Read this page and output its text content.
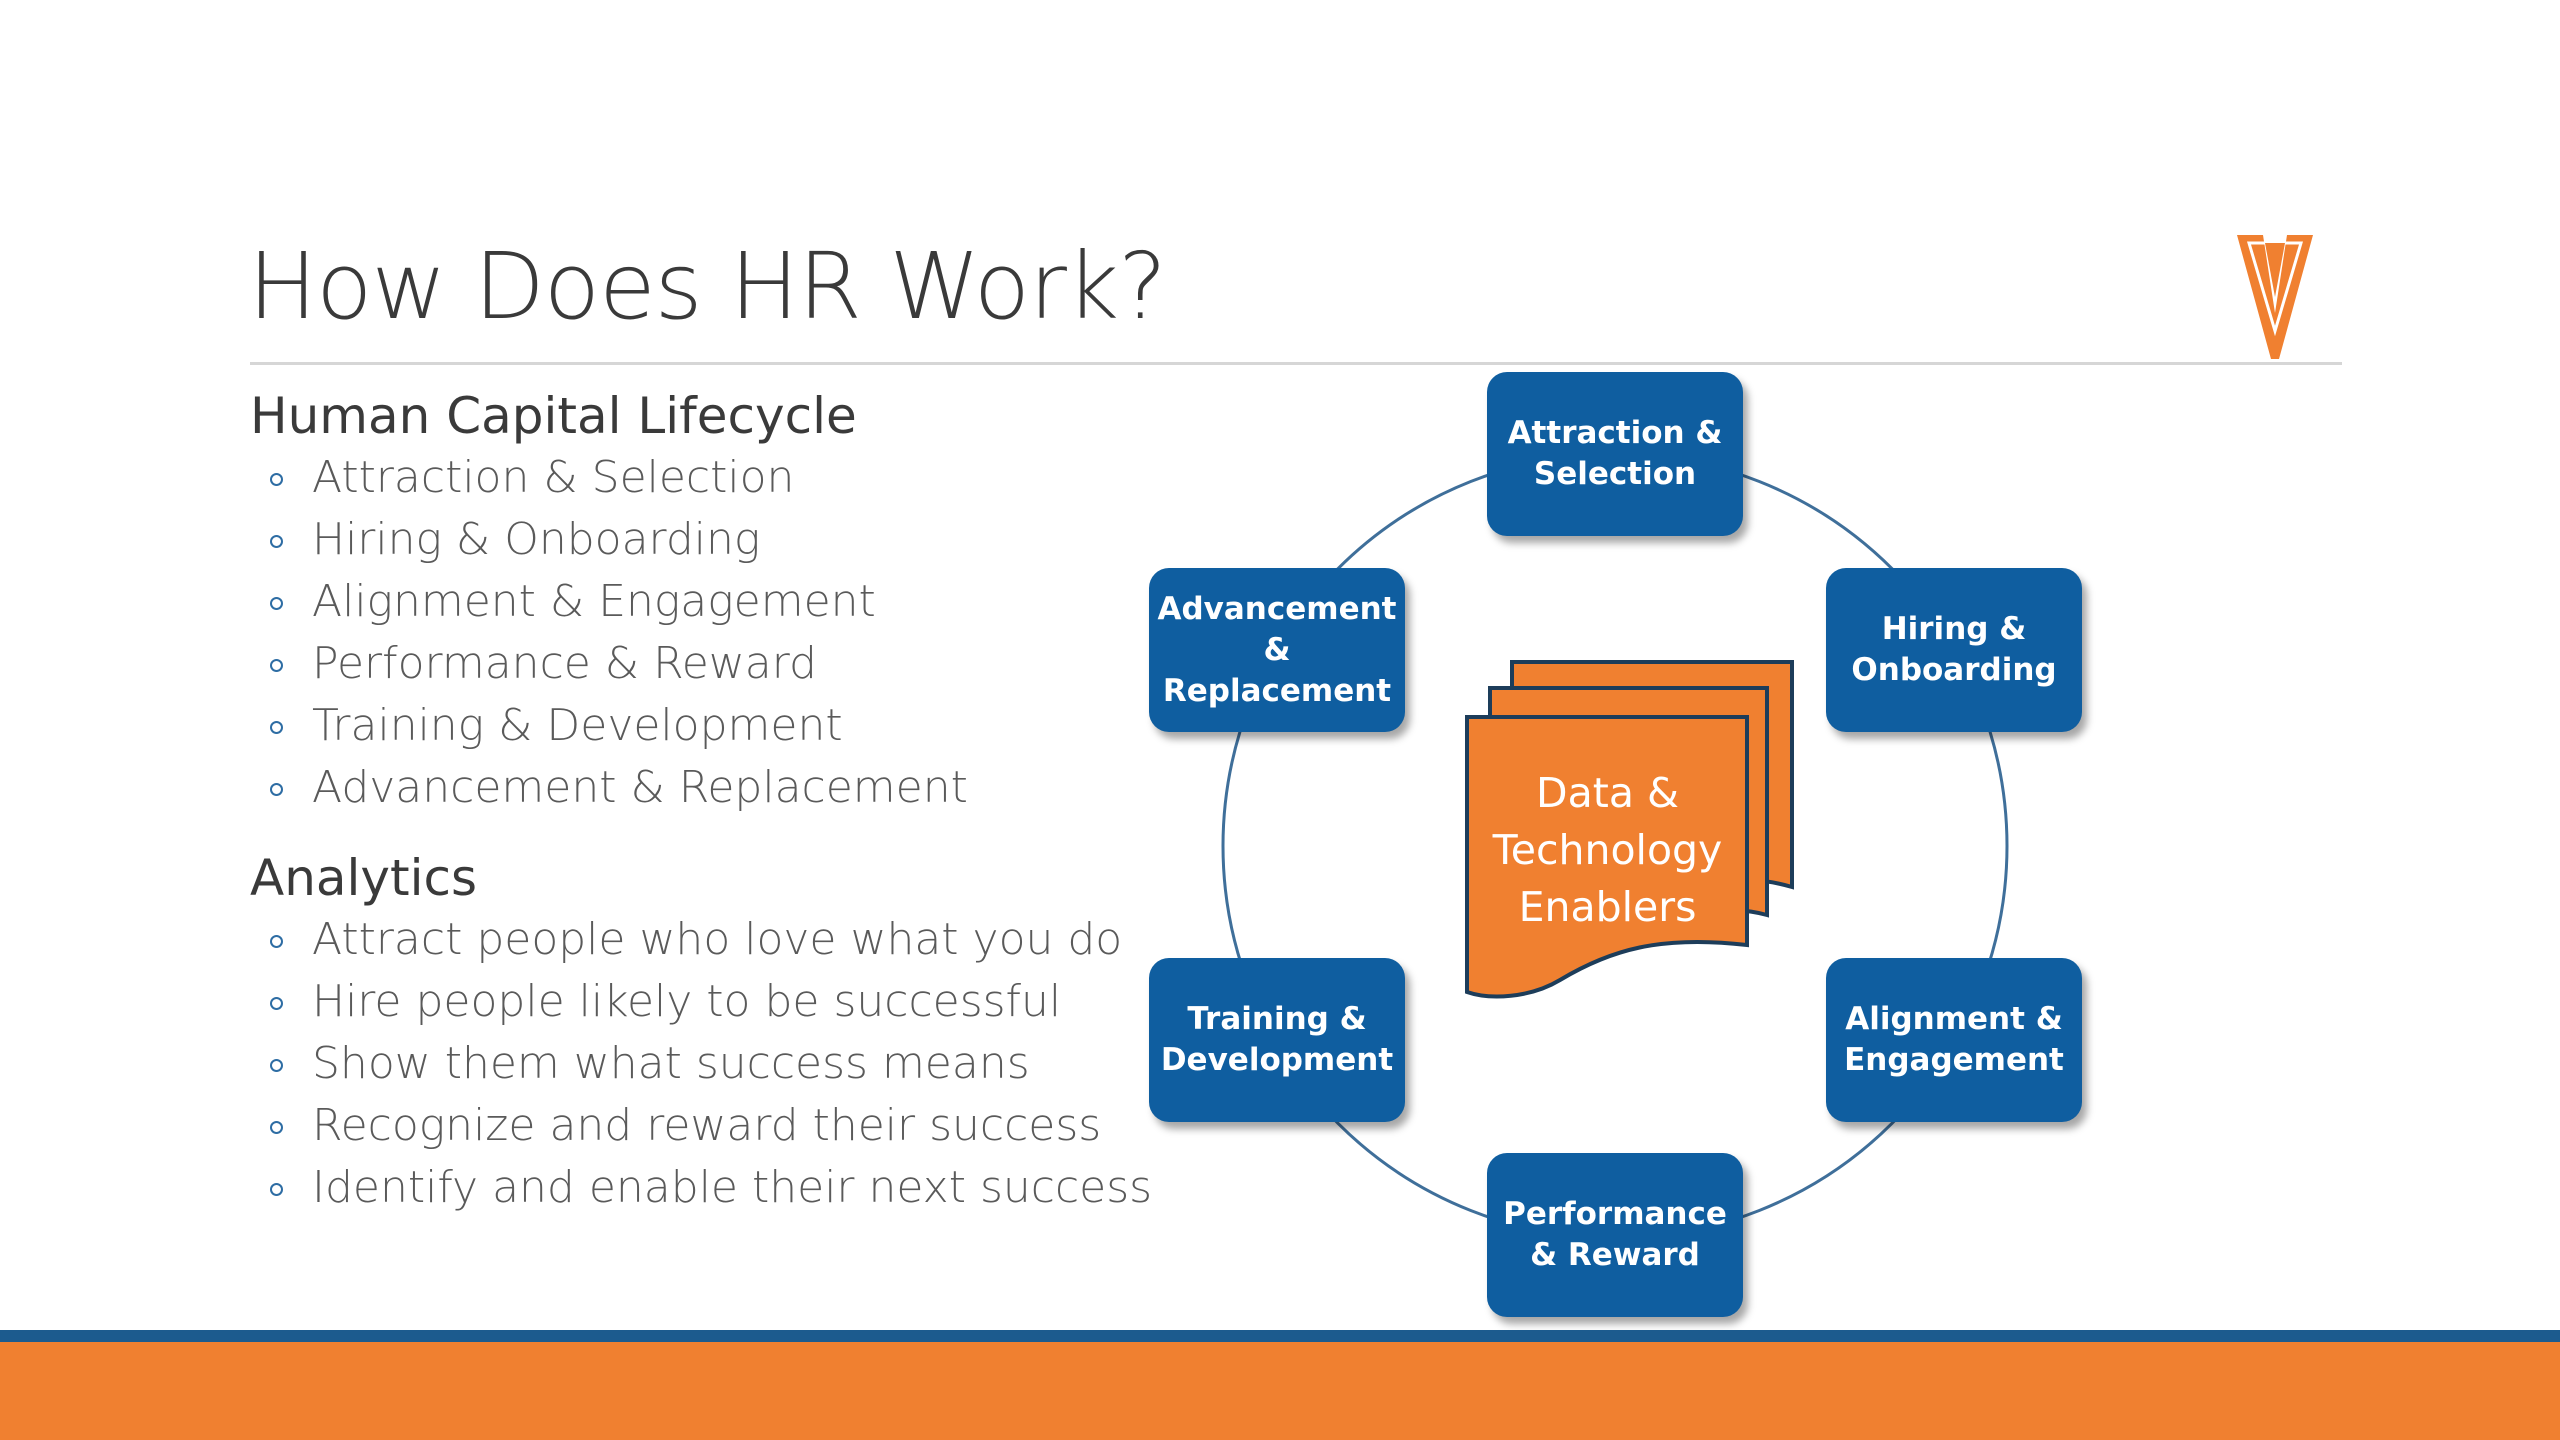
How Does HR Work?
Human Capital Lifecycle
Attraction & Selection
Hiring & Onboarding
Alignment & Engagement
Performance & Reward
Training & Development
Advancement & Replacement
Analytics
Attract people who love what you do
Hire people likely to be successful
Show them what success means
Recognize and reward their success
Identify and enable their next success
Data &
Technology
Enablers
Attraction &
Selection
Hiring &
Onboarding
Alignment &
Engagement
Performance
& Reward
Training &
Development
Advancement
&
Replacement
